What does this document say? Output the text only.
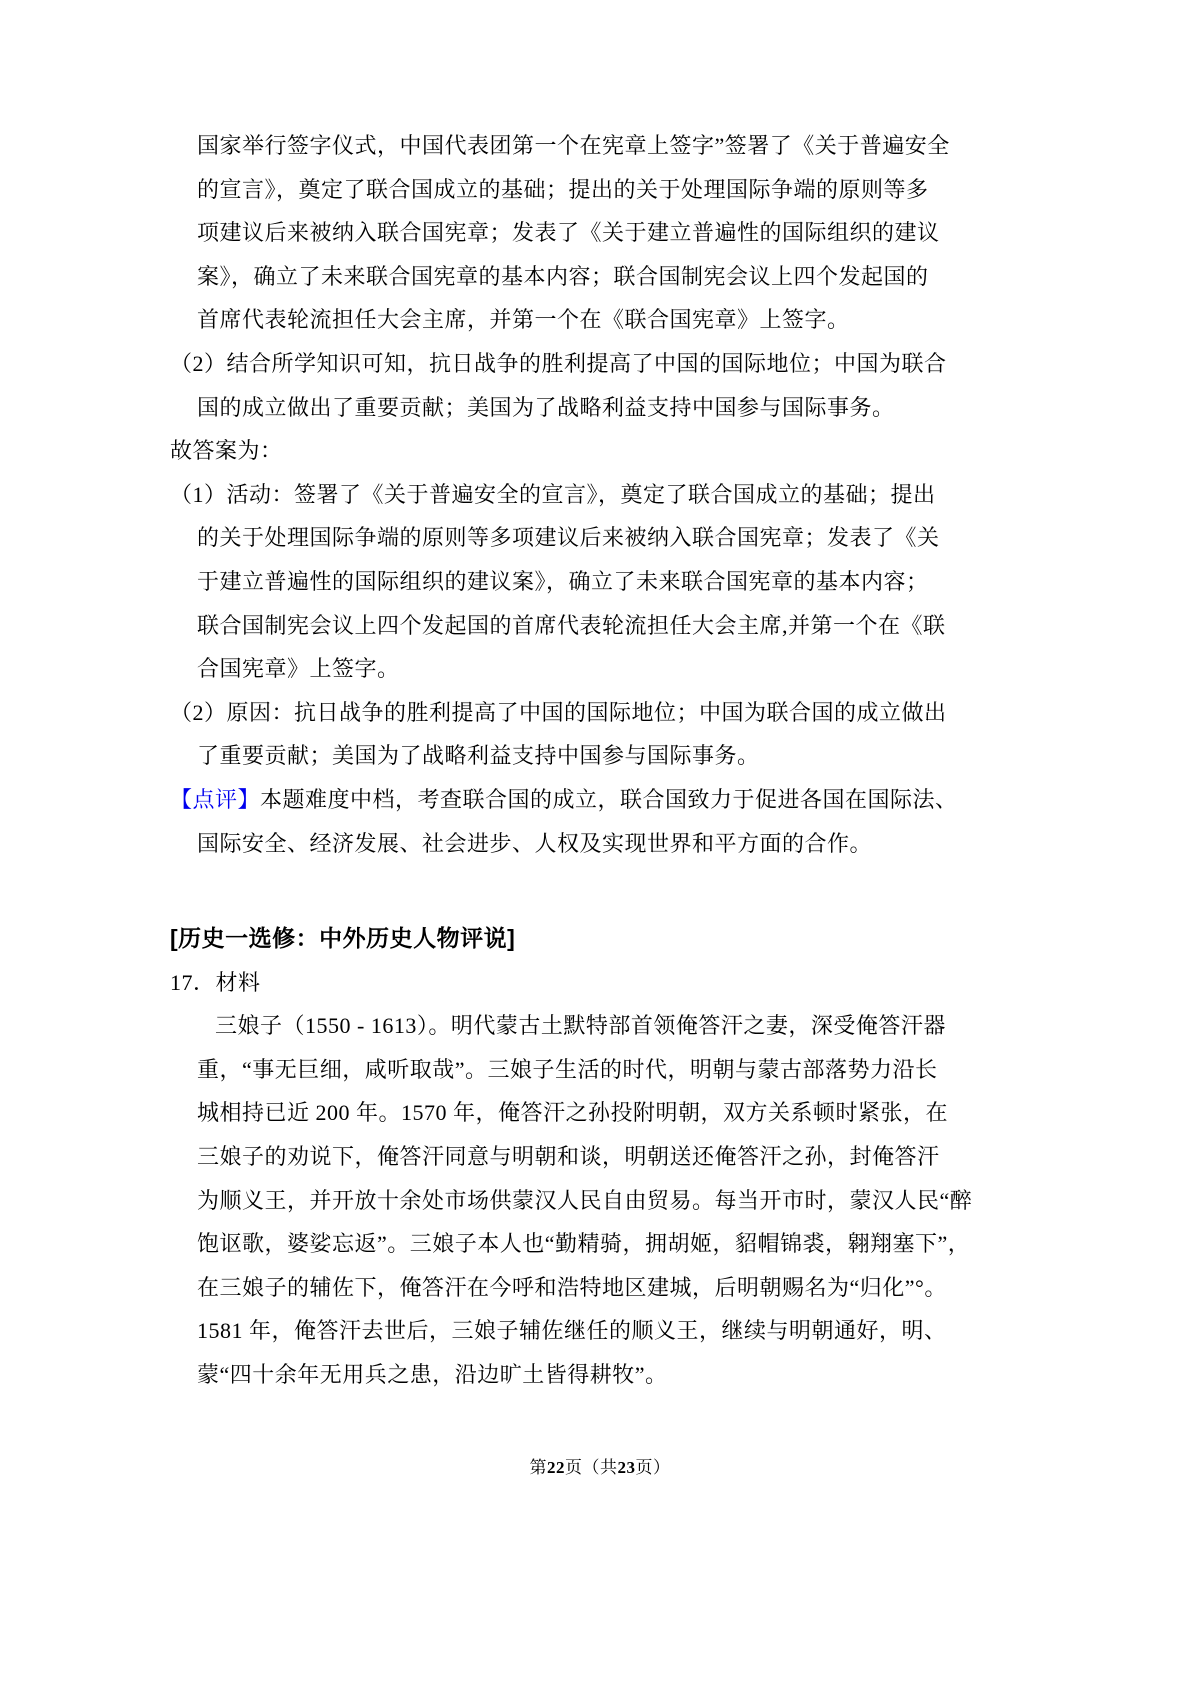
国家举行签字仪式，中国代表团第一个在宪章上签字”签署了《关于普遍安全
的宣言》，奠定了联合国成立的基础；提出的关于处理国际争端的原则等多
项建议后来被纳入联合国宪章；发表了《关于建立普遍性的国际组织的建议
案》，确立了未来联合国宪章的基本内容；联合国制宪会议上四个发起国的
首席代表轮流担任大会主席，并第一个在《联合国宪章》上签字。
（2）结合所学知识可知，抗日战争的胜利提高了中国的国际地位；中国为联合
国的成立做出了重要贡献；美国为了战略利益支持中国参与国际事务。
故答案为：
（1）活动：签署了《关于普遍安全的宣言》，奠定了联合国成立的基础；提出
的关于处理国际争端的原则等多项建议后来被纳入联合国宪章；发表了《关
于建立普遍性的国际组织的建议案》，确立了未来联合国宪章的基本内容；
联合国制宪会议上四个发起国的首席代表轮流担任大会主席,并第一个在《联
合国宪章》上签字。
（2）原因：抗日战争的胜利提高了中国的国际地位；中国为联合国的成立做出
了重要贡献；美国为了战略利益支持中国参与国际事务。
【点评】本题难度中档，考查联合国的成立，联合国致力于促进各国在国际法、
国际安全、经济发展、社会进步、人权及实现世界和平方面的合作。
[历史一选修：中外历史人物评说]
17．材料
三娘子（1550 - 1613）。明代蒙古土默特部首领俺答汗之妻，深受俺答汗器
重，“事无巨细，咸听取哉”。三娘子生活的时代，明朝与蒙古部落势力沿长
城相持已近 200 年。1570 年，俺答汗之孙投附明朝，双方关系顿时紧张，在
三娘子的劝说下，俺答汗同意与明朝和谈，明朝送还俺答汗之孙，封俺答汗
为顺义王，并开放十余处市场供蒙汉人民自由贸易。每当开市时，蒙汉人民“醉
饱讴歌，婆娑忘返”。三娘子本人也“勤精骑，拥胡姬，貂帽锦裘，翱翔塞下”，
在三娘子的辅佐下，俺答汗在今呼和浩特地区建城，后明朝赐名为“归化”°。
1581 年，俺答汗去世后，三娘子辅佐继任的顺义王，继续与明朝通好，明、
蒙“四十余年无用兵之患，沿边旷土皆得耕牧”。
第22页（共23页）
